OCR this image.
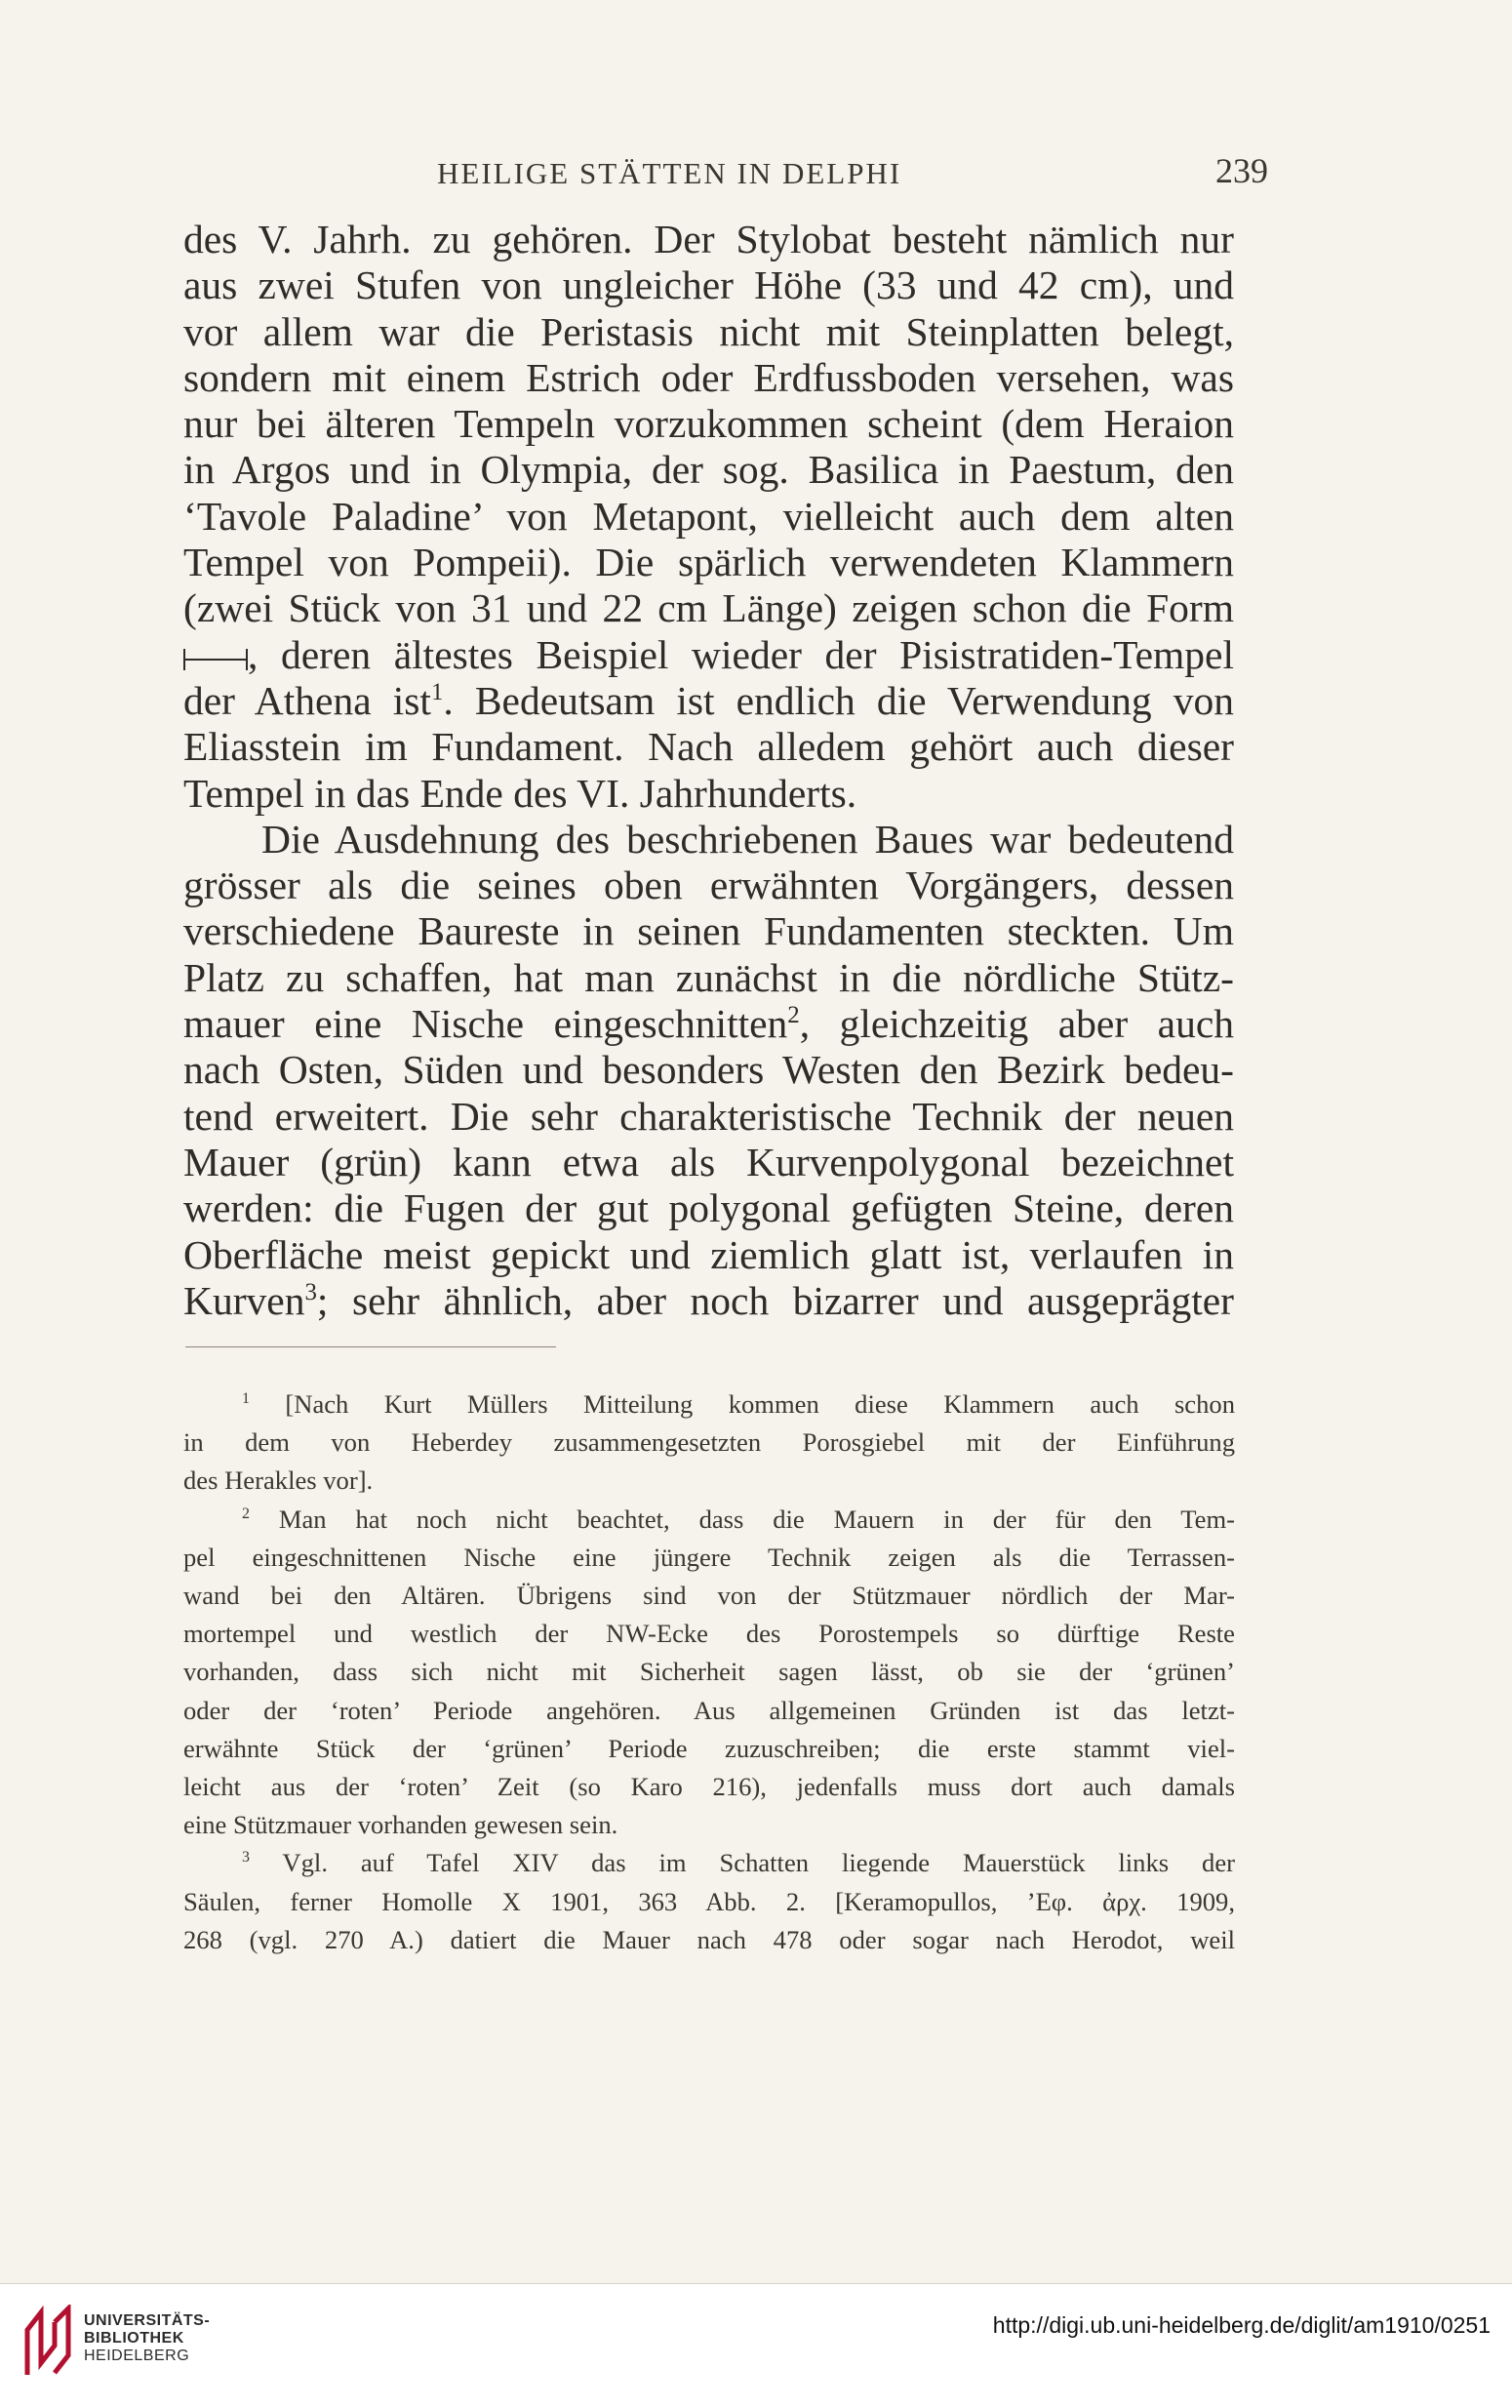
HEILIGE STÄTTEN IN DELPHI	239
des V. Jahrh. zu gehören. Der Stylobat besteht nämlich nur
aus zwei Stufen von ungleicher Höhe (33 und 42 cm), und
vor allem war die Peristasis nicht mit Steinplatten belegt,
sondern mit einem Estrich oder Erdfussboden versehen, was
nur bei älteren Tempeln vorzukommen scheint (dem Heraion
in Argos und in Olympia, der sog. Basilica in Paestum, den
‘Tavole Paladine’ von Metapont, vielleicht auch dem alten
Tempel von Pompeii). Die spärlich verwendeten Klammern
(zwei Stück von 31 und 22 cm Länge) zeigen schon die Form
, deren ältestes Beispiel wieder der Pisistratiden-Tempel
der Athena ist$^1$. Bedeutsam ist endlich die Verwendung von
Eliasstein im Fundament. Nach alledem gehört auch dieser
Tempel in das Ende des VI. Jahrhunderts.
Die Ausdehnung des beschriebenen Baues war bedeutend
grösser als die seines oben erwähnten Vorgängers, dessen
verschiedene Baureste in seinen Fundamenten steckten. Um
Platz zu schaffen, hat man zunächst in die nördliche Stütz-
mauer eine Nische eingeschnitten$^2$, gleichzeitig aber auch
nach Osten, Süden und besonders Westen den Bezirk bedeu-
tend erweitert. Die sehr charakteristische Technik der neuen
Mauer (grün) kann etwa als Kurvenpolygonal bezeichnet
werden: die Fugen der gut polygonal gefügten Steine, deren
Oberfläche meist gepickt und ziemlich glatt ist, verlaufen in
Kurven$^3$; sehr ähnlich, aber noch bizarrer und ausgeprägter
$^1$ [Nach Kurt Müllers Mitteilung kommen diese Klammern auch schon
in dem von Heberdey zusammengesetzten Porosgiebel mit der Einführung
des Herakles vor].
$^2$ Man hat noch nicht beachtet, dass die Mauern in der für den Tem-
pel eingeschnittenen Nische eine jüngere Technik zeigen als die Terrassen-
wand bei den Altären. Übrigens sind von der Stützmauer nördlich der Mar-
mortempel und westlich der NW-Ecke des Porostempels so dürftige Reste
vorhanden, dass sich nicht mit Sicherheit sagen lässt, ob sie der ‘grünen’
oder der ‘roten’ Periode angehören. Aus allgemeinen Gründen ist das letzt-
erwähnte Stück der ‘grünen’ Periode zuzuschreiben; die erste stammt viel-
leicht aus der ‘roten’ Zeit (so Karo 216), jedenfalls muss dort auch damals
eine Stützmauer vorhanden gewesen sein.
$^3$ Vgl. auf Tafel XIV das im Schatten liegende Mauerstück links der
Säulen, ferner Homolle X 1901, 363 Abb. 2. [Keramopullos, ’Εφ. ἀρχ. 1909,
268 (vgl. 270 A.) datiert die Mauer nach 478 oder sogar nach Herodot, weil
UNIVERSITÄTS-
BIBLIOTHEK
HEIDELBERG
http://digi.ub.uni-heidelberg.de/diglit/am1910/0251
